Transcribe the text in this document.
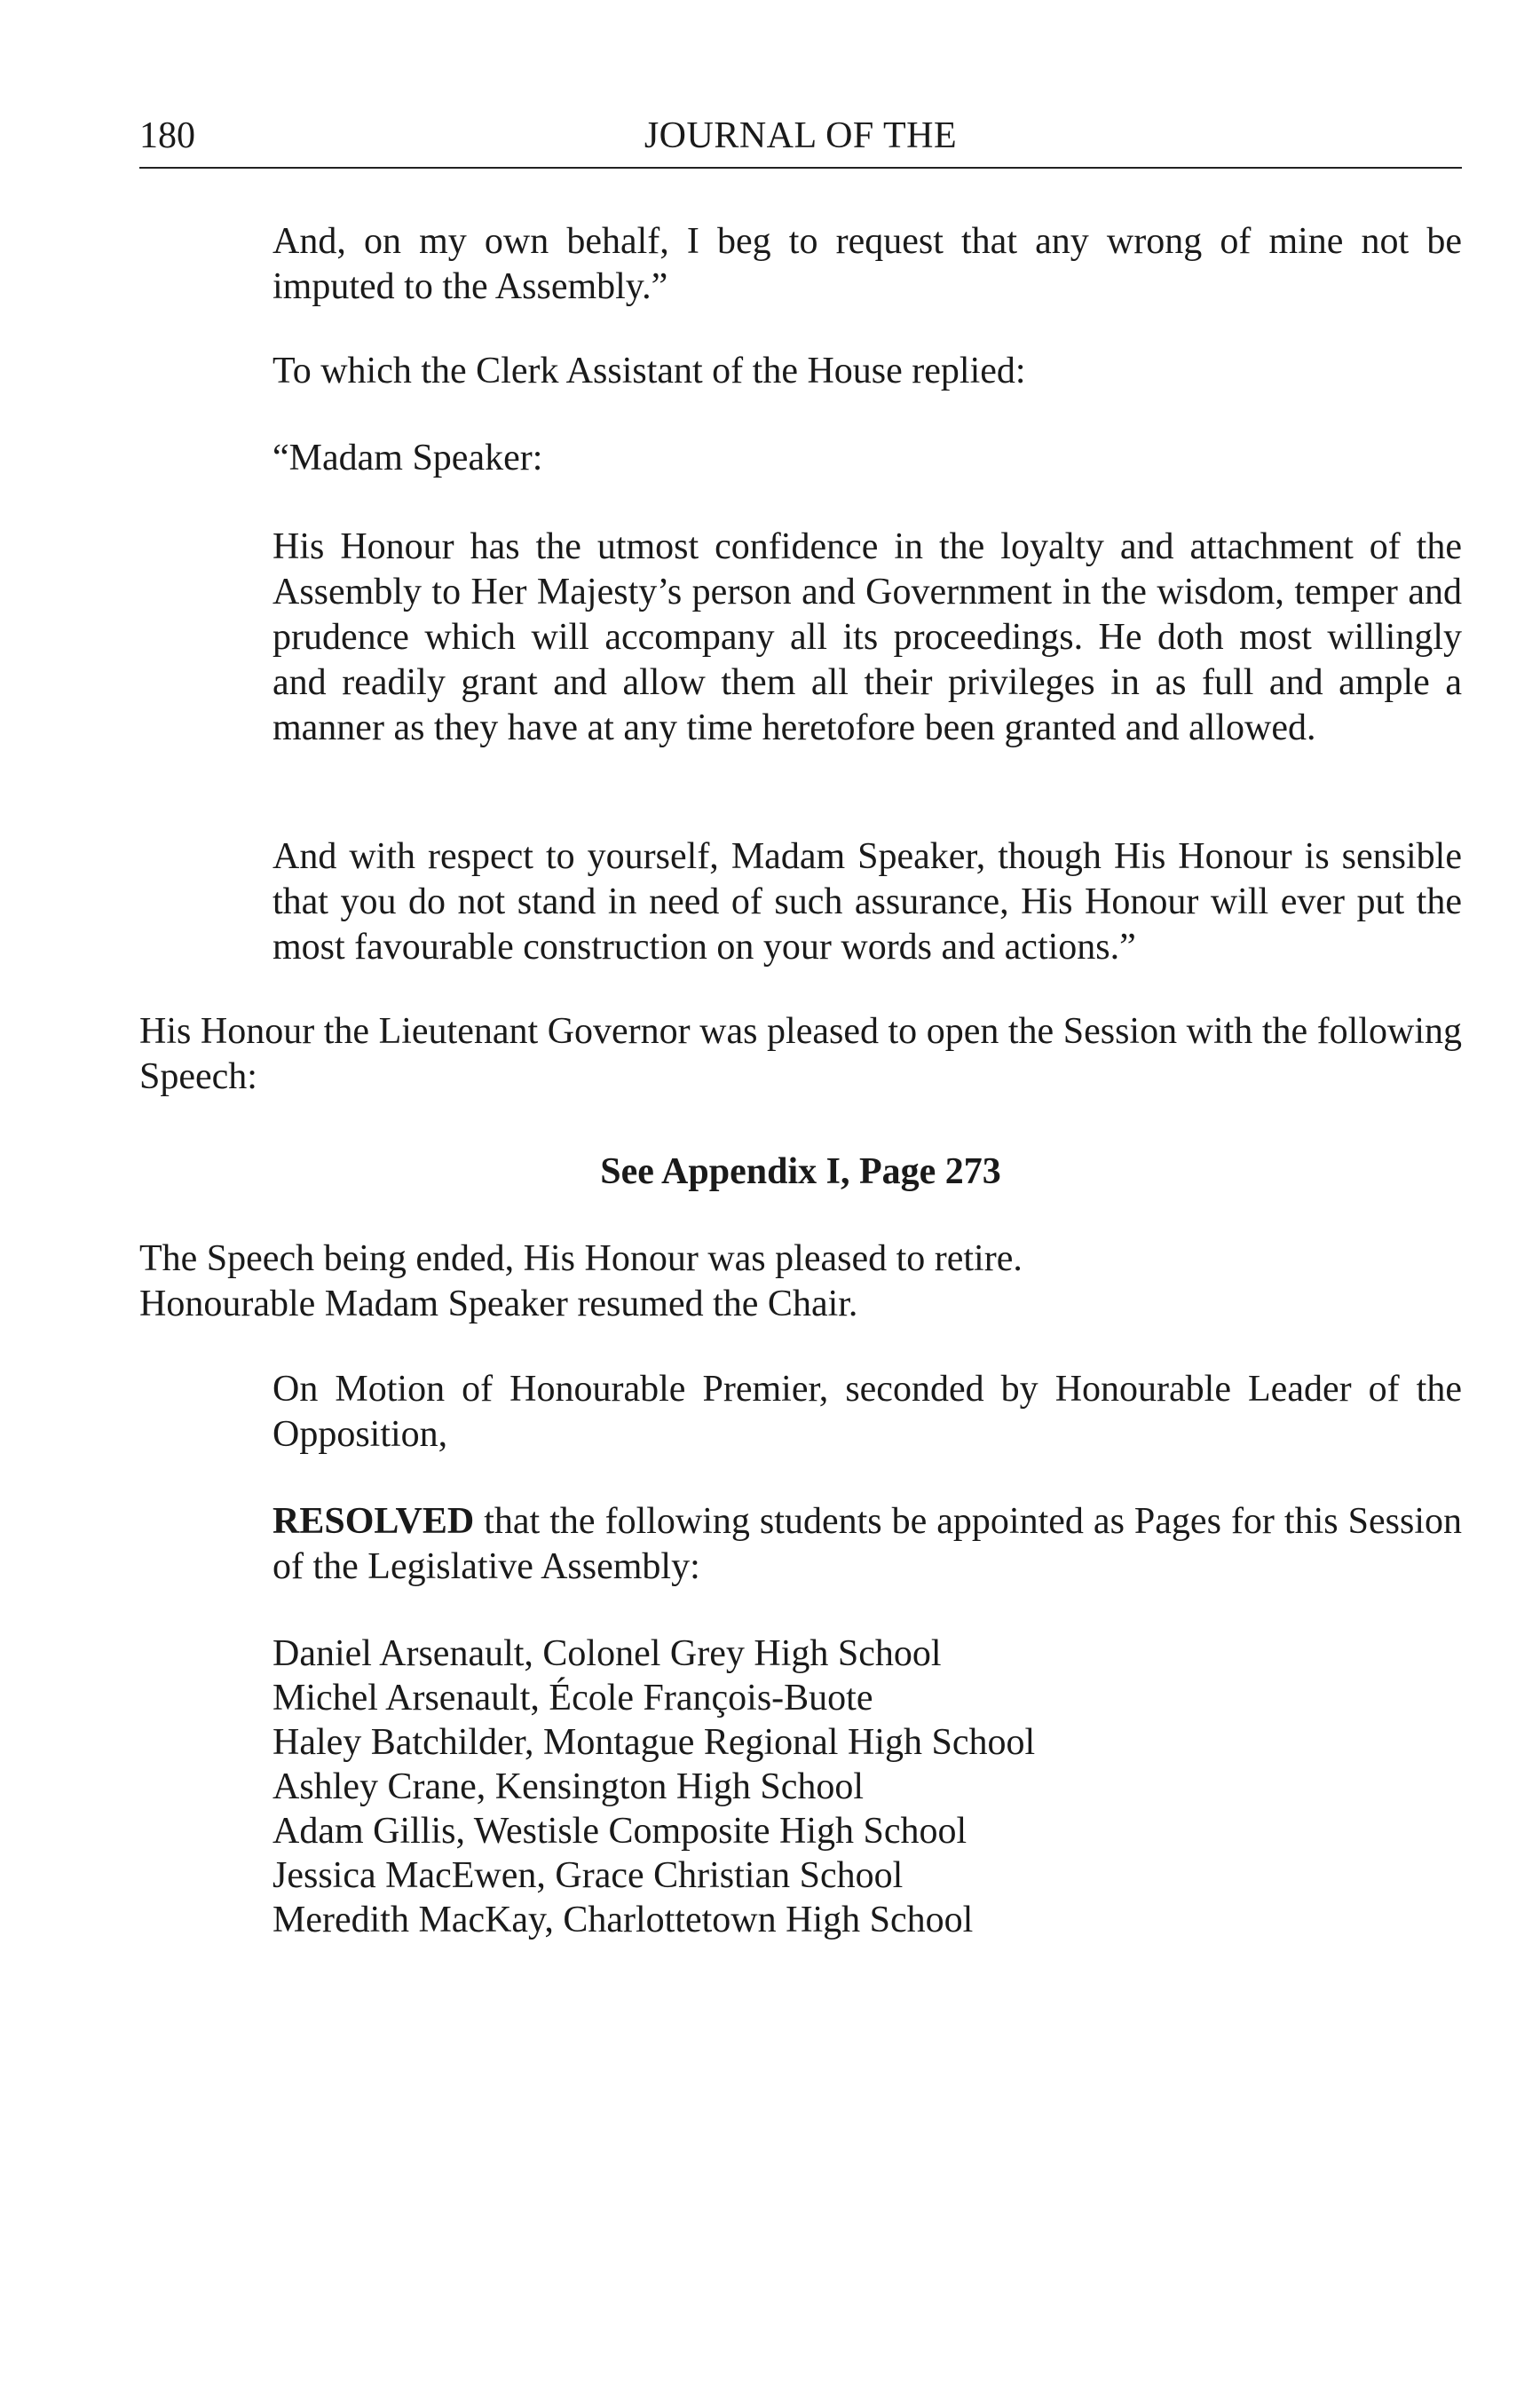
180	JOURNAL OF THE

And, on my own behalf, I beg to request that any wrong of mine not be imputed to the Assembly.”

To which the Clerk Assistant of the House replied:

“Madam Speaker:

His Honour has the utmost confidence in the loyalty and attachment of the Assembly to Her Majesty’s person and Government in the wisdom, temper and prudence which will accompany all its proceedings. He doth most willingly and readily grant and allow them all their privileges in as full and ample a manner as they have at any time heretofore been granted and allowed.

And with respect to yourself, Madam Speaker, though His Honour is sensible that you do not stand in need of such assurance, His Honour will ever put the most favourable construction on your words and actions.”

His Honour the Lieutenant Governor was pleased to open the Session with the following Speech:

See Appendix I, Page 273

The Speech being ended, His Honour was pleased to retire.
Honourable Madam Speaker resumed the Chair.

On Motion of Honourable Premier, seconded by Honourable Leader of the Opposition,

RESOLVED that the following students be appointed as Pages for this Session of the Legislative Assembly:

Daniel Arsenault, Colonel Grey High School
Michel Arsenault, École François-Buote
Haley Batchilder, Montague Regional High School
Ashley Crane, Kensington High School
Adam Gillis, Westisle Composite High School
Jessica MacEwen, Grace Christian School
Meredith MacKay, Charlottetown High School
